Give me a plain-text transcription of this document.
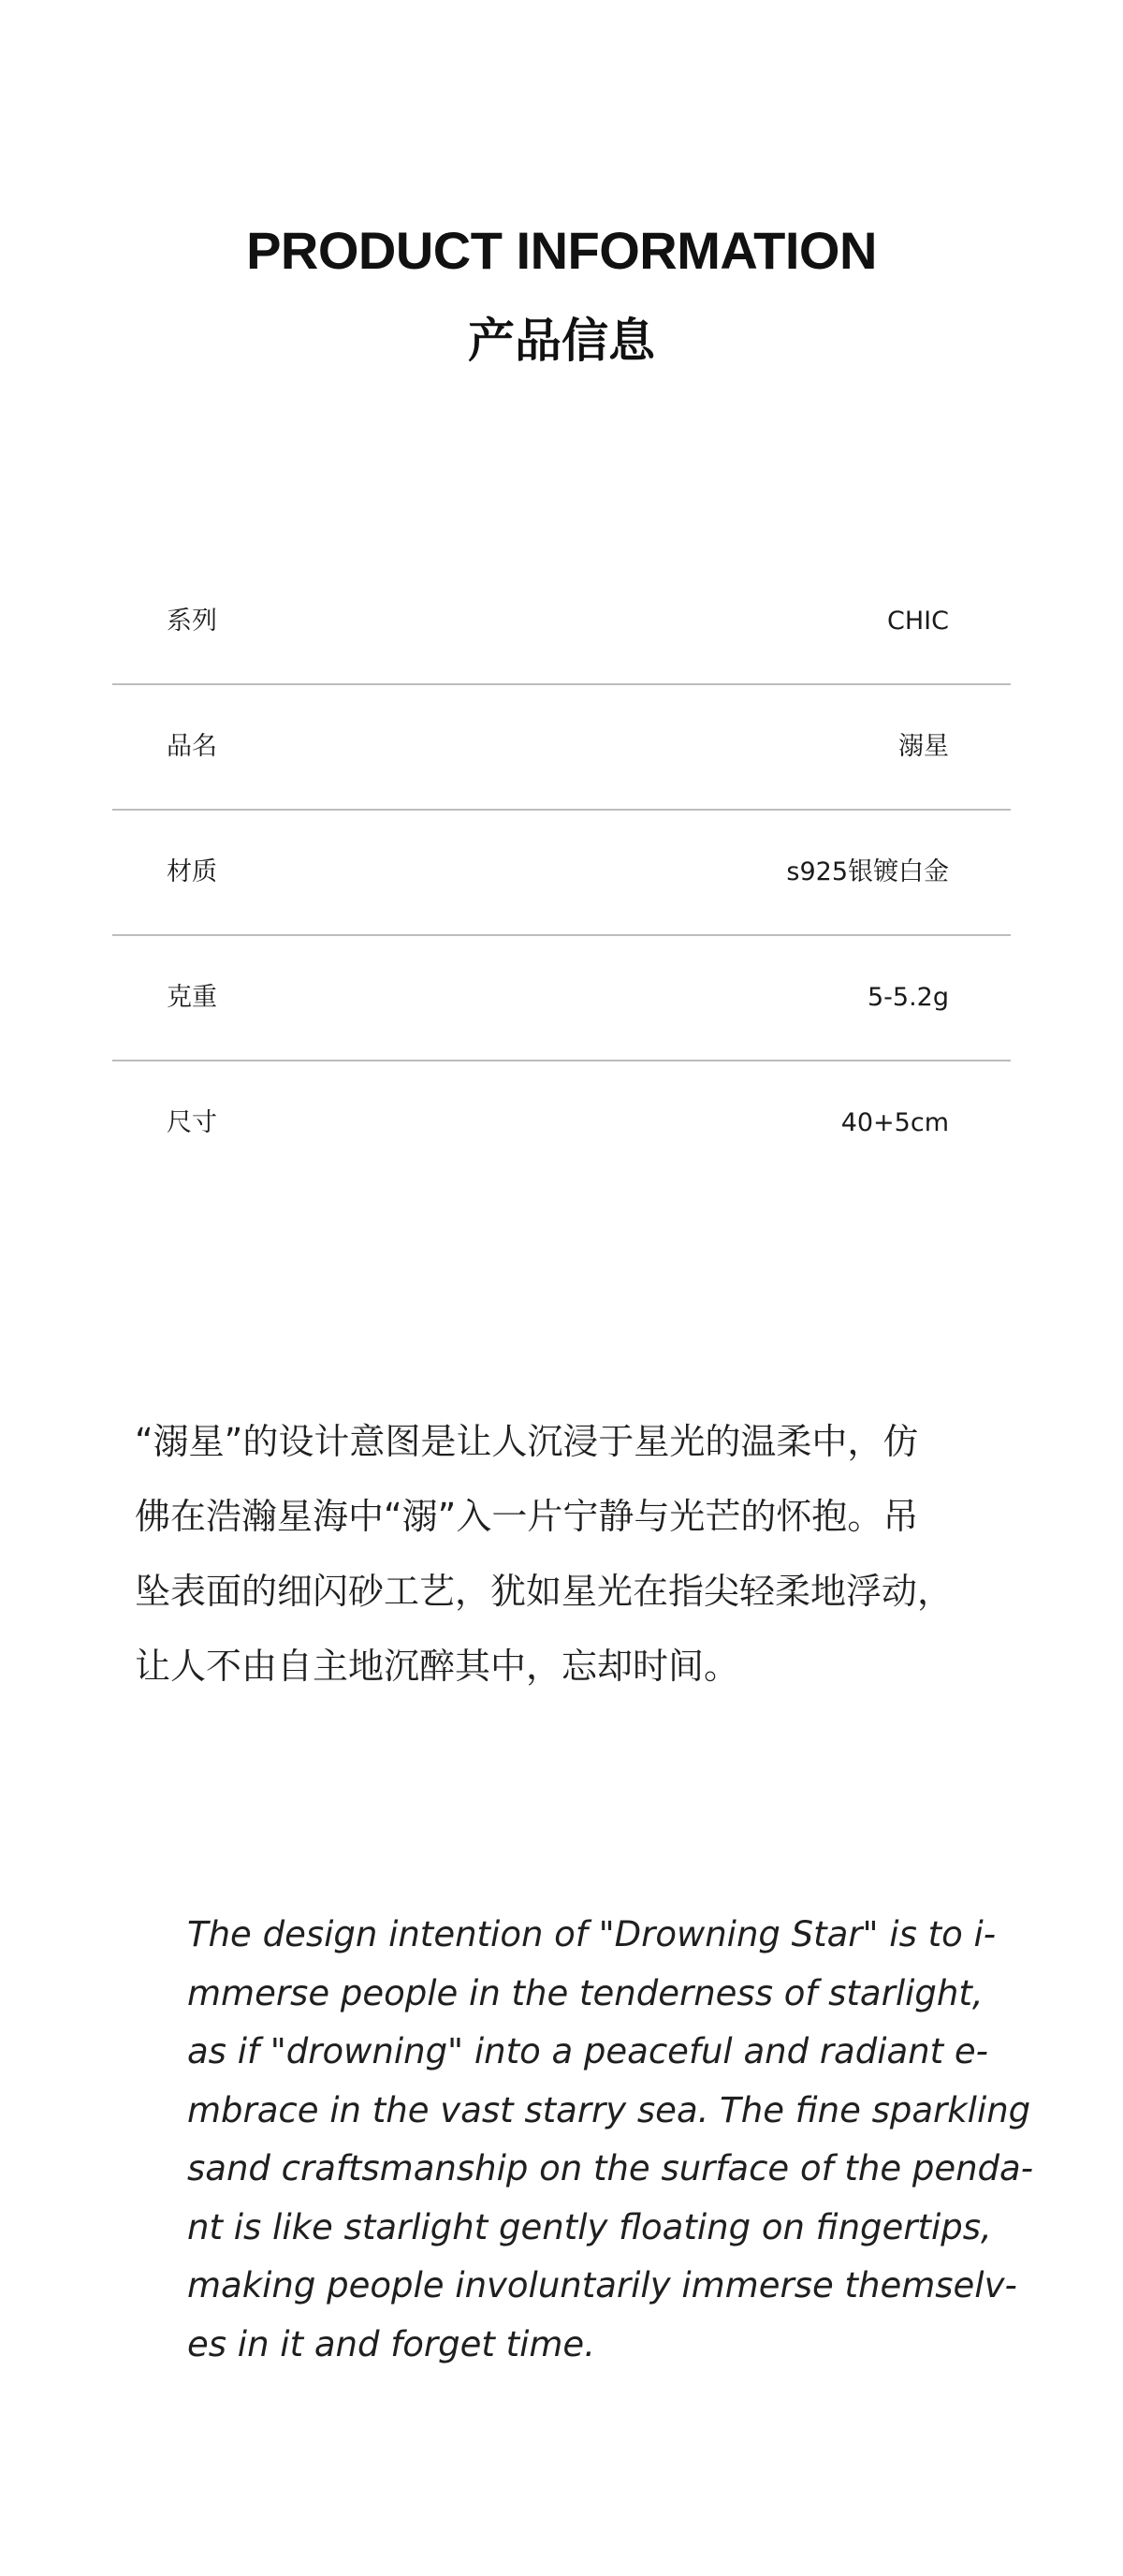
PRODUCT INFORMATION
产品信息
系列	CHIC
品名	溺星
材质	s925银镀白金
克重	5-5.2g
尺寸	40+5cm

“溺星”的设计意图是让人沉浸于星光的温柔中，仿
佛在浩瀚星海中“溺”入一片宁静与光芒的怀抱。吊
坠表面的细闪砂工艺，犹如星光在指尖轻柔地浮动，
让人不由自主地沉醉其中，忘却时间。

The design intention of "Drowning Star" is to i-
mmerse people in the tenderness of starlight,
as if "drowning" into a peaceful and radiant e-
mbrace in the vast starry sea. The fine sparkling
sand craftsmanship on the surface of the penda-
nt is like starlight gently floating on fingertips,
making people involuntarily immerse themselv-
es in it and forget time.
